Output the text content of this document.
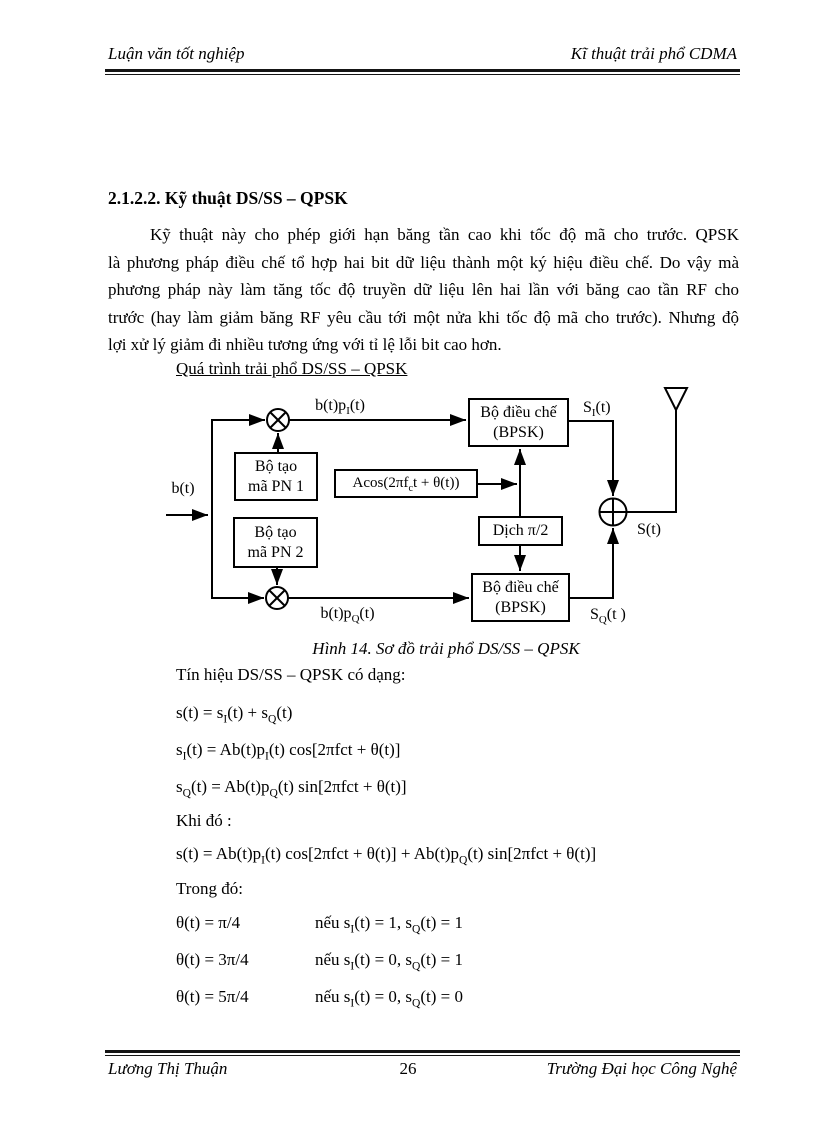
Luận văn tốt nghiệp	Kĩ thuật trải phổ CDMA
2.1.2.2. Kỹ thuật DS/SS – QPSK
Kỹ thuật này cho phép giới hạn băng tần cao khi tốc độ mã cho trước. QPSK
là phương pháp điều chế tổ hợp hai bit dữ liệu thành một ký hiệu điều chế. Do vậy mà
phương pháp này làm tăng tốc độ truyền dữ liệu lên hai lần với băng cao tần RF cho
trước (hay làm giảm băng RF yêu cầu tới một nửa khi tốc độ mã cho trước). Nhưng độ
lợi xử lý giảm đi nhiều tương ứng với tỉ lệ lỗi bit cao hơn.
Quá trình trải phổ DS/SS – QPSK
Bộ điều chế
(BPSK)
Bộ tạo
mã PN 1	$Acos(2\pi f_ct + \theta(t))$
Dịch π/2
Bộ tạo
mã PN 2
Bộ điều chế
(BPSK)
b(t)
$b(t)p_I(t)$
$b(t)p_Q(t)$
$S_I(t)$
$S_Q(t$ )
S(t)
Hình 14. Sơ đồ trải phổ DS/SS – QPSK
Tín hiệu DS/SS – QPSK có dạng:
$s(t) = s_I(t) + s_Q(t)$
$s_I(t) = Ab(t)p_I(t) \cos[2\pi fct + \theta(t)]$
$s_Q(t) = Ab(t)p_Q(t) \sin[2\pi fct + \theta(t)]$
Khi đó :
$s(t) = Ab(t)p_I(t) \cos[2\pi fct + \theta(t)] + Ab(t)p_Q(t) \sin[2\pi fct + \theta(t)]$
Trong đó:
θ(t) = π/4	nếu $s_I(t) = 1$, $s_Q(t) = 1$
θ(t) = 3π/4	nếu $s_I(t) = 0$, $s_Q(t) = 1$
θ(t) = 5π/4	nếu $s_I(t) = 0$, $s_Q(t) = 0$
Lương Thị Thuận	26	Trường Đại học Công Nghệ
